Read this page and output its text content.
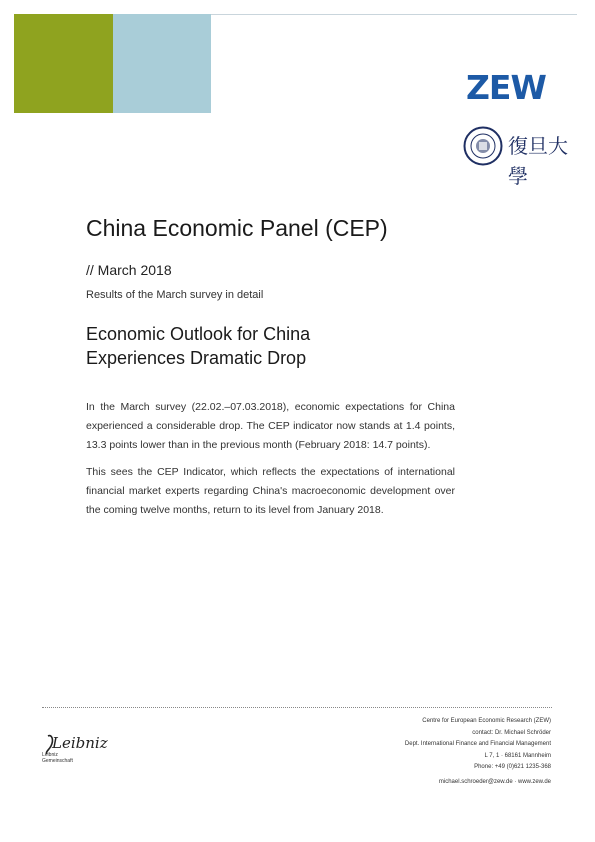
ZEW
復旦大學
China Economic Panel (CEP)
// March 2018
Results of the March survey in detail
Economic Outlook for China
Experiences Dramatic Drop

In the March survey (22.02.–07.03.2018), economic expectations for China experienced a considerable drop. The CEP indicator now stands at 1.4 points, 13.3 points lower than in the previous month (February 2018: 14.7 points).

This sees the CEP Indicator, which reflects the expectations of international financial market experts regarding China's macroeconomic development over the coming twelve months, return to its level from January 2018.

Leibniz
Leibniz
Gemeinschaft
Centre for European Economic Research (ZEW)
contact: Dr. Michael Schröder
Dept. International Finance and Financial Management
L 7, 1 · 68161 Mannheim
Phone: +49 (0)621 1235-368
michael.schroeder@zew.de · www.zew.de
